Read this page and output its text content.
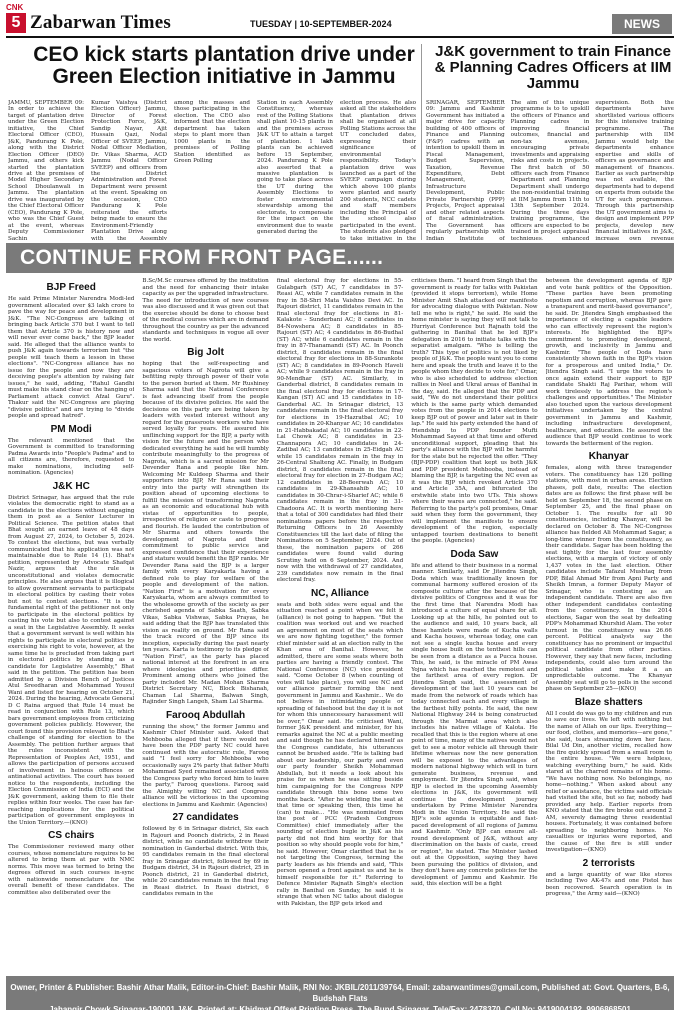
CNK
5 Zabarwan Times	TUESDAY | 10-SEPTEMBER-2024	NEWS
CEO kick starts plantation drive under Green Election initiative in Jammu
JAMMU, SEPTEMBER 09: In order to achieve the target of plantation drive under the Green Election initiative, the Chief Electoral Officer (CEO), J&K, Pandurang K Pole, along with the District Election Officer (DEO) Jammu, and others kick started the plantation drive at the premises of Model Higher Secondary School Dhoulanwali in Jammu. The plantation drive was inaugurated by the Chief Electoral Officer (CEO), Pandurang K Pole, who was the Chief Guest at the event, whereas Deputy Commissioner Sachin
Kumar Vaishya (District Election Officer) Jammu, Director of Forest Protection Force, J&K, Sandip Nayar, Ajit Hussain Qazi, Nodal Officer of SVEEP, Jammu, Nodal Officer Mediation, Dr. Vikas Sharma, ACD Jammu (Nodal Officer SVEEP) and officers from the District Administration and Forest Department were present at the event. Speaking on the occasion, CEO Pandurang K Pole reiterated the efforts being made to ensure the Environment-Friendly Plantation Drive along with the Assembly
among the masses and those participating in the election. The CEO also informed that the election department has taken steps to plant more than 1000 plants in the premises of Polling Station identified as Green Polling
Station in each Assembly Constituency, whereas rest of the Polling Stations shall plant 10-15 plants in and the premises across J&K UT to attain a target of plantation. 1 lakh plants can be achieved before 15 September, 2024. Pandurang K Pole also asserted that a massive plantation is going to take place across the UT during the Assembly Elections to foster environmental stewardship among the electorate, to compensate for the impact on the environment due to waste generated during the
election process. He also asked all the stakeholders that plantation drives shall be organised at all Polling Stations across the UT concluded dates, expressing their significance of environmental responsibility. Today's plantation drive was launched as a part of the SVEEP campaign during which above 100 plants were planted and nearly 200 students, NCC cadets and staff members including the Principal of the school also participated in the event. The students also pledged to take initiative in the
J&K government to train Finance & Planning Cadres Officers at IIM Jammu
SRINAGAR, SEPTEMBER 09: Jammu and Kashmir Government has initiated a major drive for capacity building of 400 officers of Finance and Planning (F&P) cadres with an intention to upskill them in Fiscal Management, Budget Supervision, Taxation, Revenue Expenditure, Debt Management, Infrastructure Development, Public Private Partnership (PPP) Projects, Project appraisal and other related aspects of fiscal administration. The Government has regularly partnership with Indian Institute of
The aim of this unique programme is to to upskill the officers of Finance and Planning cadres in improving financial outcomes, financial and non-tax avenues, encouraging private investments and appraising risks and costs in projects. The first batch of 50 officers each from Finance Department and Planning Department shall undergo the non-residential training at IIM Jammu from 11th to 13th September 2024. During the three days training programme, the officers are expected to be trained in project appraisal techniques, enhanced
supervision. Both the departments have shortlisted various officers for this intensive training programme. The partnership with IIM Jammu would help the departments enhance expertise and skills of officers as governance and management of finances. Earlier as such partnership was not available, the departments had to depend on experts from outside the UT for such programmes. Through this partnership the UT government aims to design and implement PPP projects, develop new financial initiatives in J&K, increase own revenue
CONTINUE FROM FRONT PAGE......
BJP Freed

He said Prime Minister Narendra Modi-led government allocated over $3 lakh crore to pave the way for peace and development in J&K. "The NC-Congress are talking of bringing back Article 370 but I want to tell them that Article 370 is history now and will never ever come back," the BJP leader said. He alleged that the alliance wants to push J&K again towards terrorism but "the people will teach them a lesson in these elections". "NC-Congress alliance has no issue for the people and now they are deceiving people's attention by raising fair issues," he said, adding, "Rahul Gandhi must make his stand clear on the hanging of Parliament attack convict Afzal Guru". Thakur said the NC-Congress are playing "divisive politics" and are trying to "divide people and spread hatred".

PM Modi

The relevant mentioned that the Government is committed to transforming Padma Awards into "People's Padma" and to all citizens are, therefore, requested to make nominations, including self-nomination. (Agencies)

J&K HC

District Srinagar, has argued that the rule violates the democratic right to stand as a candidate in the elections without engaging them in post as a Senior Lecturer in Political Science. The petition states that Bhat sought an earned leave of 48 days from August 27, 2024, to October 5, 2024. To contest the elections, but was verbally communicated that his application was not maintainable due to Rule 14 (1). Bhat's petition, represented by Advocate Shafqat Nazir, argues that the rule is unconstitutional and violates democratic principles. He also argues that it is illogical to allow government servants to participate in electoral politics by casting their votes but not to contest elections. "It is the fundamental right of the petitioner not only to participate in the electoral politics by casting his vote but also to contest against a seat in the Legislative Assembly. It seeks that a government servant is well within his rights to participate in electoral politics by exercising his right to vote, however, at the same time he is precluded from taking part in electoral politics by standing as a candidate for Legislative Assembly," Bhat said in the petition. The petition has been admitted by a Division Bench of Justices Atul Sreedharan and Mohammad Yousuf Wani and listed for hearing on October 21, 2024. During the hearing, Advocate General D C Raina argued that Rule 14 must be read in conjunction with Rule 13, which bars government employees from criticizing government policies publicly. However, the court found this provision relevant to Bhat's challenge of standing for election to the Assembly. The petition further argues that the rules inconsistent with the Representation of Peoples Act, 1951, and allows the participation of persons accused of involvement in heinous offences or antinational activities. The court has issued notice to the respondents, including the Election Commission of India (ECI) and the J&K government, asking them to file their replies within four weeks. The case has far-reaching implications for the political participation of government employees in the Union Territory.—(KNO)

CS chairs

The Commissioner reviewed many other courses, whose nomenclature requires to be altered to bring them at par with NMC norms. This move was termed to bring the degrees offered in such courses in-sync with nationwide nomenclature for the overall benefit of these candidates. The committee also deliberated over the

B.Sc/M.Sc courses offered by the institution and the need for enhancing their intake capacity as per the upgraded infrastructure. The need for introduction of new courses was also discussed and it was given out that the exercise should be done to choose best of the medical courses which are in demand throughout the country as per the advanced standards and techniques in vogue all over the world.

Big Jolt

hoping that the self-respecting and sagacious voters of Nagrota will give a befitting reply through power of their vote to the person buried at them. Mr Rushiney Sharma said that the National Conference is fast advancing itself from the people because of its divisive policies. He said the decisions on this party are being taken by leaders with vested interest without any regard for the grassroots workers who have served loyally for years. He assured his unflinching support for the BJP, a party with vision for the future and the person who dedicated everything he said he will humbly contribute meaningfully to the progress of Nagrota, which is a sacred mission for Mr Devender Rana and people like him. Welcoming Mr Kuldeep Sharma and their supporters into BJP, Mr Rana said their entry into the party will strengthen its position ahead of upcoming elections to fulfill the mission of transforming Nagrota as an economic and educational hub with vistas of opportunities to people, irrespective of religion or caste to progress and flourish. He lauded the contribution of Mr Sharma and others towards the development of Nagrota and their commitment to public service and expressed confidence that their experience and stature would benefit the BJP ranks. Mr Devender Rana said the BJP is a larger family with every Karyakarta having a defined role to play for welfare of the people and development of the nation. "Nation First" is a motivation for every Karyakarta, whom are always committed to the wholesome growth of the society as per cherished agenda of Sabka Saath, Sabka Vikas, Sabka Vishwas, Sabka Prayas, he said adding that the BJP has translated this vision as reality on ground. Mr Rana said the track record of the BJP since its inception, especially during the past nearly ten years. Karta is testimony to its pledge of "Nation First", as the party has placed national interest at the forefront in an era where ideologies and priorities differ. Prominent among others who joined the party included Mr. Madan Mohan Sharma District Secretary NC, Block Bishanah, Chaman Lal Sharma, Balwan Singh, Rajinder Singh Langeh, Sham Lal Sharma.

Farooq Abdullah

running the show," the former Jammu and Kashmir Chief Minister said. Asked that Mehbooba alleged that if there would not have been the PDP party NC could have continued with the autocratic rule, Farooq said "I feel sorry for Mehbooba who occasionally says 2% party that father Mufti Mohammad Syed remained associated with the Congress party who forced him to leave the party," Farooq questions. Farooq said the Almighty willing NC and Congress alliance will be victorious in the upcoming elections in Jammu and Kashmir. (Agencies)

27 candidates

followed by 6 in Srinagar district, Six each in Rajouri and Poonch districts, 2 in Reasi district, while no candidate withdrew their nomination in Ganderbal district. With this, 95 candidates remain in the final electoral fray in Srinagar district, followed by 69 in Budgam district, 34 in Rajouri district, 25 in Poonch district, 21 in Ganderbal district, while 20 candidates remain in the final fray in Reasi district. In Reasi district, 6 candidates remain in the

final electoral fray for elections in 55-Gulabgarh (ST) AC, 7 candidates in 57-Reasi AC, while 7 candidates remain in the fray in 58-Shri Mata Vaishno Devi AC. In Rajouri district, 11 candidates remain in the final electoral fray for elections in 81-Kalakote - Sunderbani AC; 8 candidates in 84-Nowshera AC; 8 candidates in 85-Rajouri (ST) AC; 4 candidates in 86-Budhal (ST) AC; while 6 candidates remain in the fray in 87-Thanamandi (ST) AC. In Poonch district, 8 candidates remain in the final electoral fray for elections in 88-Surankote (ST) AC; 8 candidates in 89-Poonch Haveli AC; while 9 candidates remain in the fray in 90-Mendhar (ST) AC. Similarly, in Ganderbal district, 8 candidates remain in the final electoral fray for elections in 17-Kangan (ST) AC and 15 candidates in 18-Ganderbal AC. In Srinagar district, 13 candidates remain in the final electoral fray for elections in 19-Hazratbal AC; 10 candidates in 20-Khanyar AC; 16 candidates in 21-Habbakadal AC; 10 candidates in 22-Lal Chowk AC; 8 candidates in 23-Channapora AC; 10 candidates in 24-Zadibal AC; 13 candidates in 25-Eidgah AC while 15 candidates remain in the fray in 26-Central Shalteng AC. Finally, in Budgam district, 8 candidates remain in the final electoral fray for election in 27-Budgam AC; 12 candidates in 28-Beerwah AC; 10 candidates in 29-Khansahib AC; 10 candidates in 30-Chrar-i-Sharief AC; while 6 candidates remain in the fray in 31-Chadoora AC. It is worth mentioning here that a total of 300 candidates had filed their nominations papers before the respective Returning Officers in 26 Assembly Constituencies till the last date of filing the Nominations on 5 September, 2024. Out of these, the nomination papers of 266 candidates were found valid during Scrutiny held on 6 September, 2024. And now with the withdrawal of 27 candidates, 239 candidates now remain in the final electoral fray.

NC, Alliance

seats and both sides were equal and the situation reached a point when we felt it (alliance) is not going to happen. "But the coalition was worked out and we reached an agreement on most of the seats which we are now fighting together," the former chief minister said at an election rally in the Khan area of Banihal. However, he admitted, there are some seats where both parties are having a friendly contest. The National Conference (NC) vice president said. "Come October 8 (when counting of votes will take place), you will see NC and our alliance partner forming the next government in Jammu and Kashmir... We do not believe in intimidating people or spreading of falsehood but the day it is not for whom this unnecessary harassment will be over," Omar said. He criticised Wani, former J&K president and minister, for his remarks against the NC at a public meeting and said though he has declared himself as the Congress candidate, his utterances cannot be brushed aside. "He is talking bad about our leadership, our party and even our party founder Sheikh Mohammad Abdullah, but it needs a look about his praise for us when he was sitting beside him campaigning for the Congress NPP candidate through this bone some two months back. "After he wielding the seat at that time or speaking then, this time he (can) to make... "He was nominated from the post of PCC (Pradesh Congress Committee) chief immediately after the sounding of election bugle in J&K as his party did not find him worthy for that position so why should people vote for him," he said. However, Omar clarified that he is not targeting the Congress, terming the party leaders as his friends and said, "This person opened a front against us and he is himself responsible for it." Referring to Defence Minister Rajnath Singh's election rally in Banihal on Sunday, he said it is strange that when NC talks about dialogue with Pakistan, the BJP gets irked and

criticises them. "I heard from Singh that the government is ready for talks with Pakistan (provided it stops terrorism), while Home Minister Amit Shah attacked our manifesto for advocating dialogue with Pakistan. Now tell me who is right," he said. He said the home minister is saying they will not talk to Hurriyat Conference but Rajnath told the gathering in Banihal that he led BJP's delegation in 2016 to initiate talks with the separatist amalgam. "Who is telling the truth? This type of politics is not liked by people of J&K. The people want you to come here and speak the truth and leave it to the people whom they decide to vote for," Omar, who is also scheduled to address election rallies in Neel and Ukral areas of Banihal in the day, said. He alleged that the PDP and said, "We do not understand their politics which is the same party which demanded votes from the people in 2014 elections to keep BJP out of power and later sat in their lap." He said his party extended the hand of friendship to PDP founder Mufti Mohammad Sayeed at that time and offered unconditional support, pleading that his party's alliance with the BJP will be harmful for the state but he rejected the offer. "They (BJP-PDP) coalition that kept us both J&K and PDP president Mehbooba, instead of blaming the BJP, is targeting the NC even as it was the BJP which revoked Article 370 and Article 35A, and bifurcated the erstwhile state into two UTs. This shows where their wares are connected," he said. Referring to the party's poll promises, Omar said when they form the government, they will implement the manifesto to ensure development of the region, especially untapped tourism destinations to benefit the people. (Agencies)

Doda Saw

life and attend to their business in a normal manner. Similarly, said Dr Jitendra Singh, Doda which was traditionally known for communal harmony suffered erosion of its composite culture after the because of the divisive politics of Congress and it was for the first time that Narendra Modi has introduced a culture of equal share for all. Looking up at the hills, he pointed out to the audience and said, 10 years back, all these hamlets were made of Kucha walls and Kacha houses, whereas today, one can not see a single kucha house and every single house built on the tenthest hills can be seen from a distance as a Pucca house. This, he said, is the miracle of PM Awas Yojna which has reached the remotest and the farthest area of every region. Dr Jitendra Singh said, the assessment of development of the last 10 years can be made from the network of roads which has today connected each and every village in the farthest hilly points. He said, the new National Highway 244 is being constructed through the Marmat area which also includes his native village of Kalota. He recalled that this is the region where at one point of time, many of the natives would not get to see a motor vehicle all through their lifetime whereas now the new generation will be exposed to the advantages of modern national highway which will in turn generate business, revenue and employment. Dr Jitendra Singh said, when BJP is elected in the upcoming Assembly elections in J&K, its government will continue the development journey undertaken by Prime Minister Narendra Modi in the Union Territory. He said the BJP's sole agenda is equitable and fast-paced development of all regions of Jammu and Kashmir. "Only BJP can ensure all-round development of J&K, without any discrimination on the basis of caste, creed or region", he stated. The Minister lashed out at the Opposition, saying they have been pursuing the politics of division, and they don't have any concrete policies for the development of Jammu and Kashmir. He said, this election will be a fight

between the development agenda of BJP and vote bank politics of the Opposition. "These parties have been promoting nepotism and corruption, whereas BJP gave a transparent and merit-based governance", he said. Dr. Jitendra Singh emphasised the importance of electing a capable leaders who can effectively represent the region's interests. He highlighted the BJP's commitment to promoting development, growth, and inclusivity in Jammu and Kashmir. "The people of Doda have consistently shown faith in the BJP's vision for a prosperous and united India," Dr. Jitendra Singh said. "I urge the voters to once again extend their support to BJP candidate Shakti Raj Parihar, whom will work tirelessly to address the region's challenges and opportunities." The Minister also touched upon the various development initiatives undertaken by the central government in Jammu and Kashmir, including infrastructure development, healthcare, and education. He assured the audience that BJP would continue to work towards the betterment of the region.

Khanyar

females, along with three transgender voters. The constituency has 126 polling stations, with most in urban areas. Election phases, poll date, results: The election dates are as follows: the first phase will be held on September 18, the second phase on September 25, and the final phase on October 1. The results for all 90 constituencies, including Khanyar, will be declared on October 8. The NC-Congress alliance has fielded Ali Mohammad Sagar, a long-time winner from the constituency, as their candidate. Sagar has been holding the seat tightly for the last four assembly elections, with a margin of victory of only 1,437 votes in the last election. Other candidates include Tafazul Mushtaq from PDP, Bilal Ahmad Mir from Apni Party and Sheikh Imran, a former Deputy Mayor of Srinagar, who is contesting as an independent candidate. There are also five other independent candidates contesting from the constituency. In the 2014 elections, Sagar won the seat by defeating PDP's Mohammad Khurshid Alam. The voter turnout in the constituency was 26.66 percent. Political analysts say the constituency has no prominent or impactful political candidate from other parties. However, they say that new faces, including independents, could also turn around the political tables and make it a an unpredictable outcome. The Khanyar Assembly seat will go to polls in the second phase on September 25—(KNO)

Blaze shatters

All I could do was go to my children and run to save our lives. We left with nothing but the name of Allah on our lips. Everything—our food, clothes, and memories—are gone," she said, tears streaming down her face. Bilal Ud Din, another victim, recalled how the fire quickly spread from a small room to the entire house. "We were helpless, watching everything burn," he said. Kids stared at the charred remains of his home. "We have nothing now. No belongings, no home—nothing." When asked about any relief or assistance, the victims said officials had visited the site, but so far, nobody had provided any help. Earlier reports from KNO stated that the fire broke out around 2 AM, severely damaging three residential houses. Fortunately, it was contained before spreading to neighboring homes. No casualties or injuries were reported, and the cause of the fire is still under investigation—(KNO)

2 terrorists

and a large quantity of war like stores including Two AK-47s and one Pistol has been recovered. Search operation is in progress," the Army said—(KNO)

Owner, Printer & Publisher: Bashir Athar Malik, Editor-in-Chief: Bashir Malik, RNI No: JKBIL/2011/39764, Email: zabarwantimes@gmail.com, Published at: Govt. Quarters, B-6, Budshah Flats
Jahangir Chowk Srinagar-190001 J&K, Printed at: Khidmat Offset Printing Press, The Bund Srinagar, Tele/Fax: 2478370, Cell No: 9419004192, 9906868501
